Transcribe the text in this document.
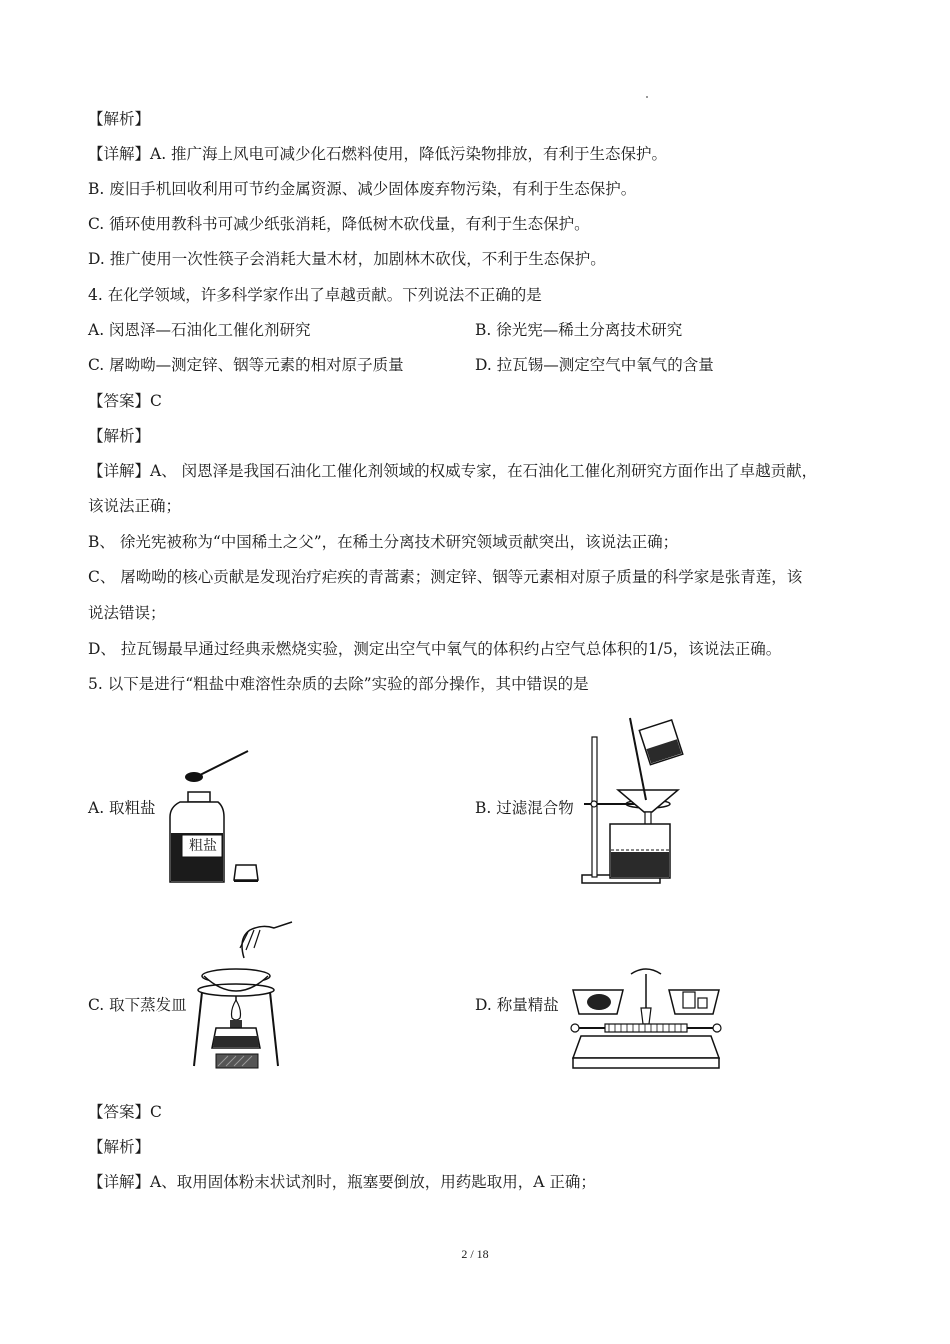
【解析】
【详解】A. 推广海上风电可减少化石燃料使用，降低污染物排放，有利于生态保护。
B. 废旧手机回收利用可节约金属资源、减少固体废弃物污染，有利于生态保护。
C. 循环使用教科书可减少纸张消耗，降低树木砍伐量，有利于生态保护。
D. 推广使用一次性筷子会消耗大量木材，加剧林木砍伐，不利于生态保护。
4. 在化学领域，许多科学家作出了卓越贡献。下列说法不正确的是
A. 闵恩泽—石油化工催化剂研究	B. 徐光宪—稀土分离技术研究
C. 屠呦呦—测定锌、铟等元素的相对原子质量	D. 拉瓦锡—测定空气中氧气的含量
【答案】C
【解析】
【详解】A、 闵恩泽是我国石油化工催化剂领域的权威专家，在石油化工催化剂研究方面作出了卓越贡献，
该说法正确；
B、 徐光宪被称为“中国稀土之父”，在稀土分离技术研究领域贡献突出，该说法正确；
C、 屠呦呦的核心贡献是发现治疗疟疾的青蒿素；测定锌、铟等元素相对原子质量的科学家是张青莲，该
说法错误；
D、 拉瓦锡最早通过经典汞燃烧实验，测定出空气中氧气的体积约占空气总体积的1/5，该说法正确。
5. 以下是进行“粗盐中难溶性杂质的去除”实验的部分操作，其中错误的是
A. 取粗盐
粗盐
B. 过滤混合物
C. 取下蒸发皿	D. 称量精盐
【答案】C
【解析】
【详解】A、取用固体粉末状试剂时，瓶塞要倒放，用药匙取用，A 正确；
2 / 18
